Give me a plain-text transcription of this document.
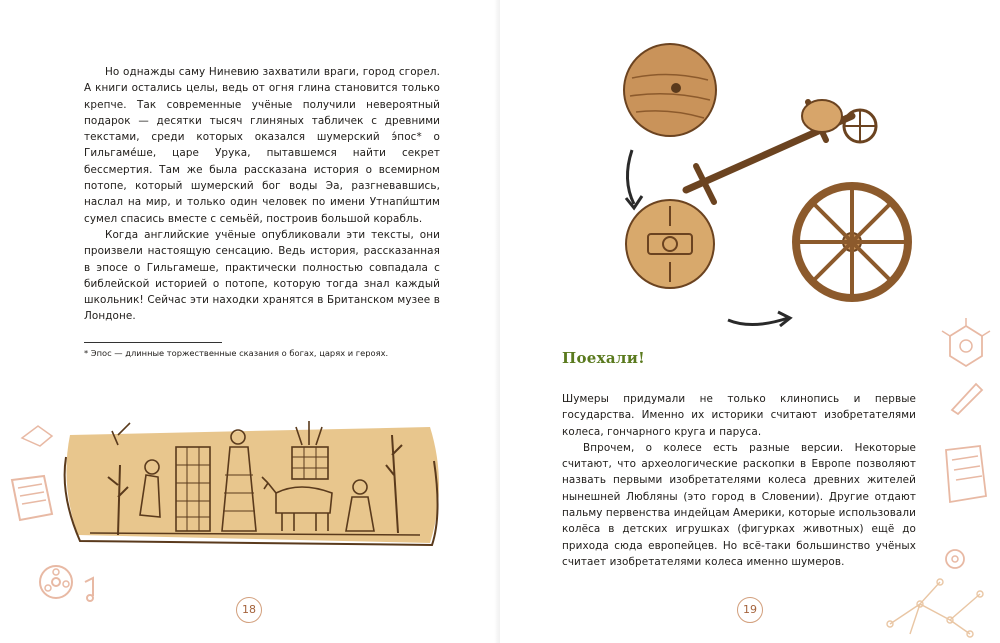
Но однажды саму Ниневию захватили враги, город сгорел. А книги остались целы, ведь от огня глина становится только крепче. Так современные учёные получили невероятный подарок — десятки тысяч глиняных табличек с древними текстами, среди которых оказался шумерский э́пос* о Гильгаме́ше, царе Урука, пытавшемся найти секрет бессмертия. Там же была рассказана история о всемирном потопе, который шумерский бог воды Эа, разгневавшись, наслал на мир, и только один человек по имени Утнапи́штим сумел спасись вместе с семьёй, построив большой корабль.

Когда английские учёные опубликовали эти тексты, они произвели настоящую сенсацию. Ведь история, рассказанная в эпосе о Гильгамеше, практически полностью совпадала с библейской историей о потопе, которую тогда знал каждый школьник! Сейчас эти находки хранятся в Британском музее в Лондоне.

* Эпос — длинные торжественные сказания о богах, царях и героях.
18
Поехали!

Шумеры придумали не только клинопись и первые государства. Именно их историки считают изобретателями колеса, гончарного круга и паруса.

Впрочем, о колесе есть разные версии. Некоторые считают, что археологические раскопки в Европе позволяют назвать первыми изобретателями колеса древних жителей нынешней Любляны (это город в Словении). Другие отдают пальму первенства индейцам Америки, которые использовали колёса в детских игрушках (фигурках животных) ещё до прихода сюда европейцев. Но всё-таки большинство учёных считает изобретателями колеса именно шумеров.

19
